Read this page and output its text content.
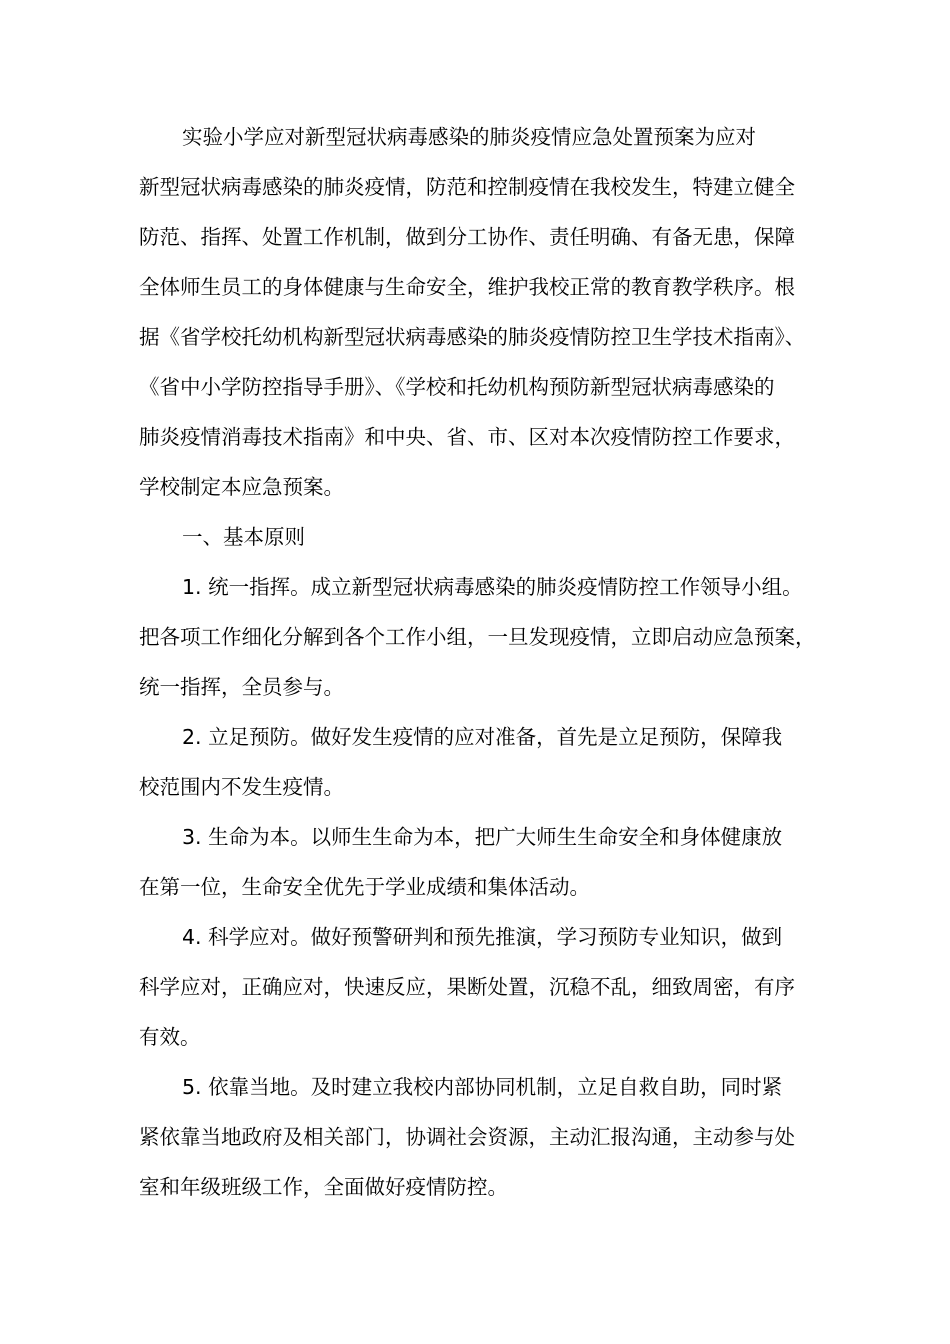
实验小学应对新型冠状病毒感染的肺炎疫情应急处置预案为应对
新型冠状病毒感染的肺炎疫情，防范和控制疫情在我校发生，特建立健全
防范、指挥、处置工作机制，做到分工协作、责任明确、有备无患，保障
全体师生员工的身体健康与生命安全，维护我校正常的教育教学秩序。根
据《省学校托幼机构新型冠状病毒感染的肺炎疫情防控卫生学技术指南》、
《省中小学防控指导手册》、《学校和托幼机构预防新型冠状病毒感染的
肺炎疫情消毒技术指南》和中央、省、市、区对本次疫情防控工作要求，
学校制定本应急预案。
一、基本原则
1. 统一指挥。成立新型冠状病毒感染的肺炎疫情防控工作领导小组。
把各项工作细化分解到各个工作小组，一旦发现疫情，立即启动应急预案，
统一指挥，全员参与。
2. 立足预防。做好发生疫情的应对准备，首先是立足预防，保障我
校范围内不发生疫情。
3. 生命为本。以师生生命为本，把广大师生生命安全和身体健康放
在第一位，生命安全优先于学业成绩和集体活动。
4. 科学应对。做好预警研判和预先推演，学习预防专业知识，做到
科学应对，正确应对，快速反应，果断处置，沉稳不乱，细致周密，有序
有效。
5. 依靠当地。及时建立我校内部协同机制，立足自救自助，同时紧
紧依靠当地政府及相关部门，协调社会资源，主动汇报沟通，主动参与处
室和年级班级工作，全面做好疫情防控。
